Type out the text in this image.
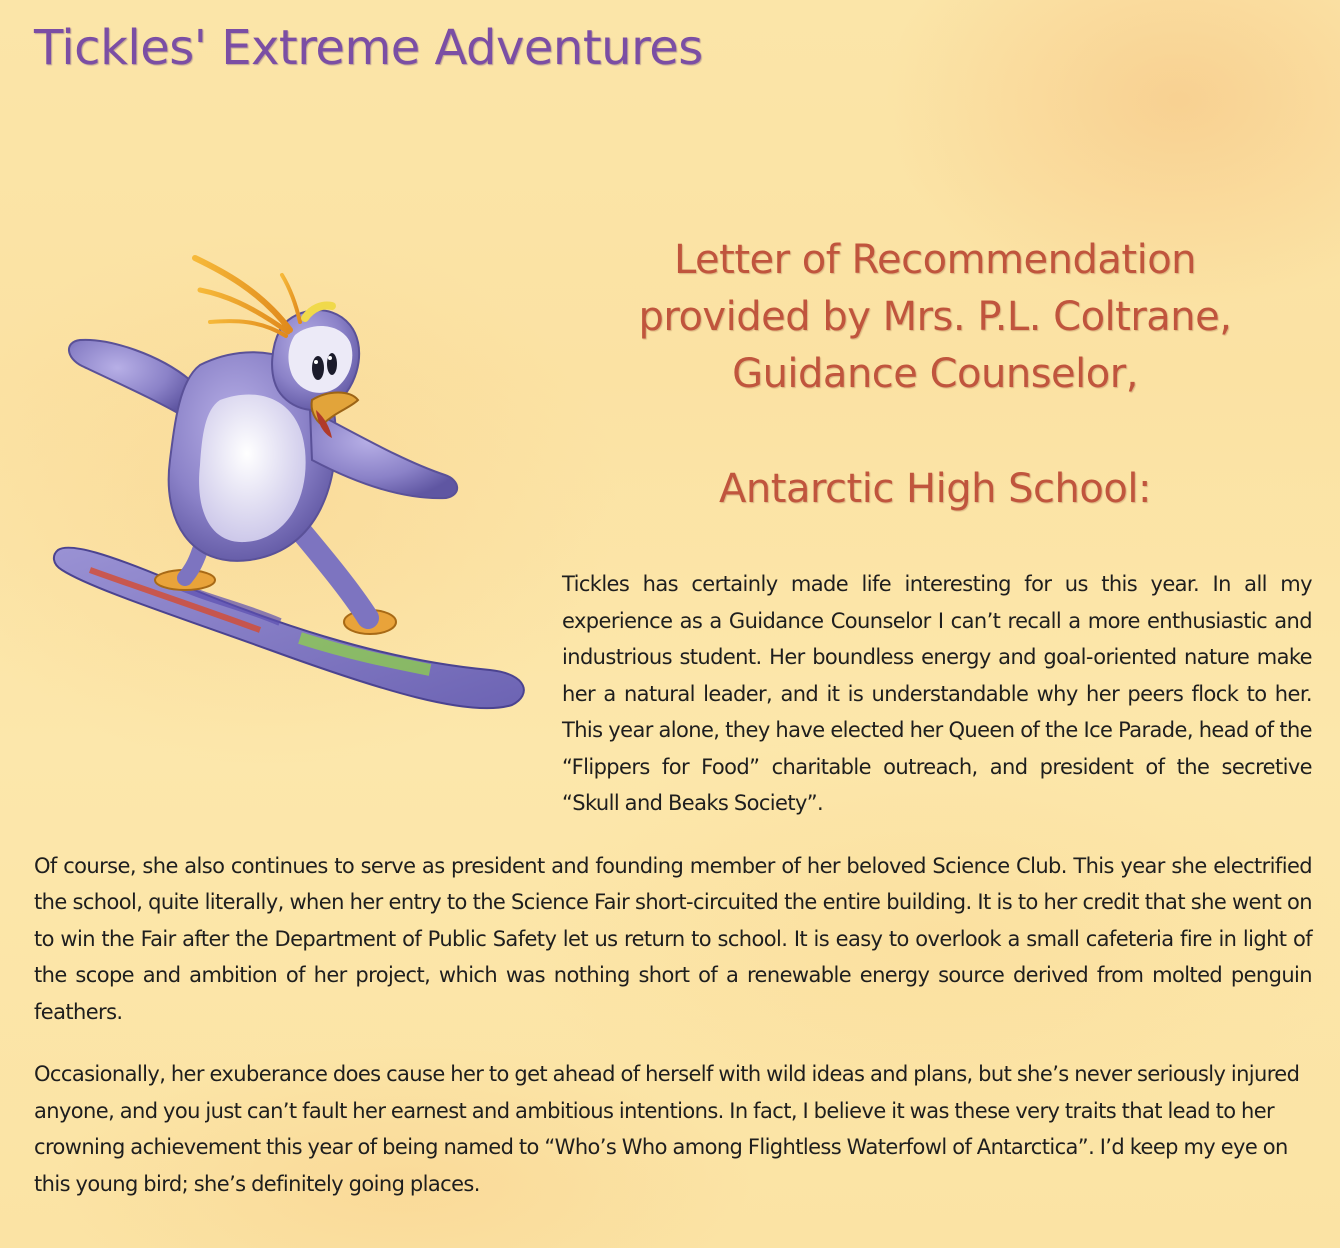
Tickles' Extreme Adventures
Letter of Recommendation
provided by Mrs. P.L. Coltrane,
Guidance Counselor,
Antarctic High School:

Tickles has certainly made life interesting for us this year. In all my experience as a Guidance Counselor I can’t recall a more enthusiastic and industrious student. Her boundless energy and goal-oriented nature make her a natural leader, and it is understandable why her peers flock to her. This year alone, they have elected her Queen of the Ice Parade, head of the “Flippers for Food” charitable outreach, and president of the secretive “Skull and Beaks Society”.

Of course, she also continues to serve as president and founding member of her beloved Science Club. This year she electrified the school, quite literally, when her entry to the Science Fair short-circuited the entire building. It is to her credit that she went on to win the Fair after the Department of Public Safety let us return to school. It is easy to overlook a small cafeteria fire in light of the scope and ambition of her project, which was nothing short of a renewable energy source derived from molted penguin feathers.

Occasionally, her exuberance does cause her to get ahead of herself with wild ideas and plans, but she’s never seriously injured anyone, and you just can’t fault her earnest and ambitious intentions. In fact, I believe it was these very traits that lead to her crowning achievement this year of being named to “Who’s Who among Flightless Waterfowl of Antarctica”. I’d keep my eye on this young bird; she’s definitely going places.
